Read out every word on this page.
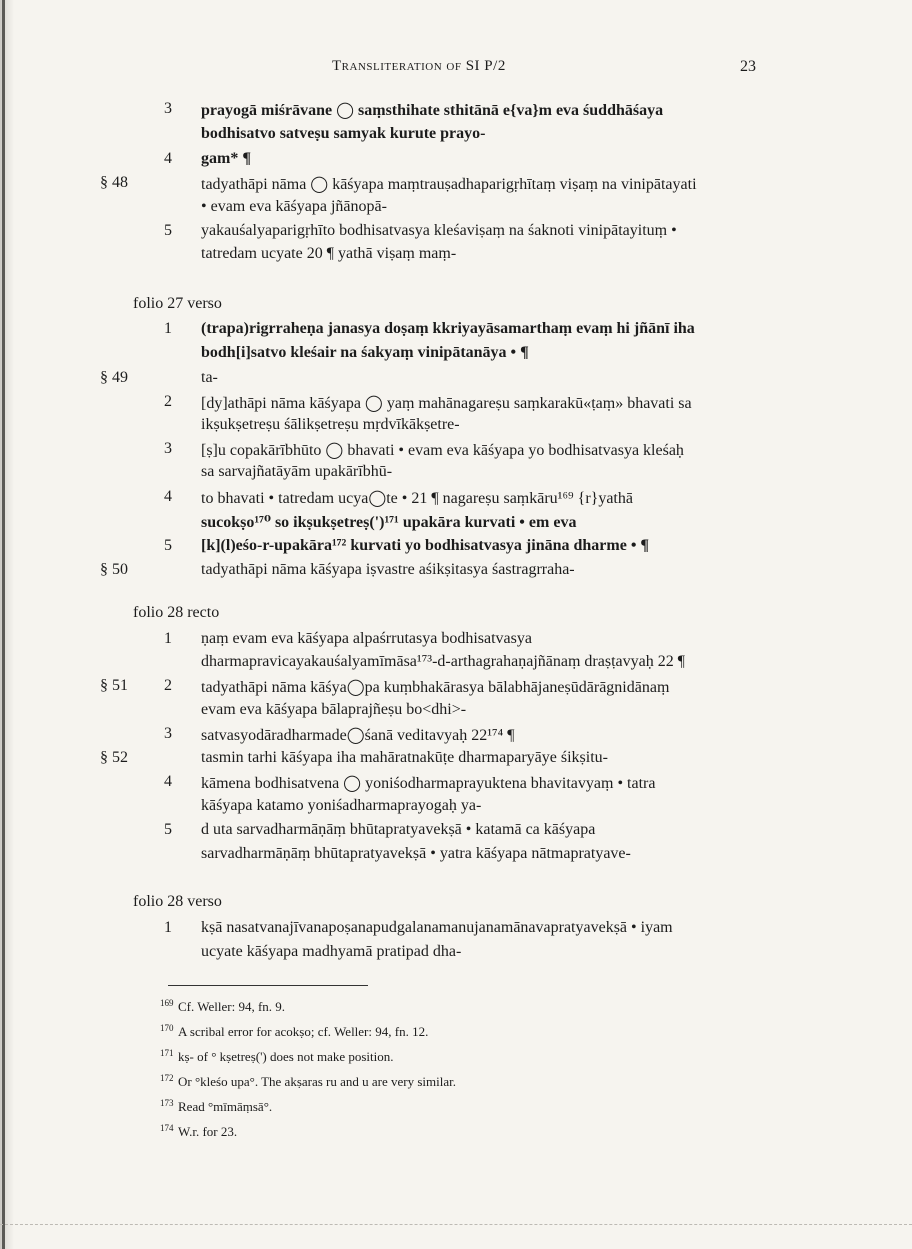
Transliteration of SI P/2	23
3 prayogā miśrāvane ◯ saṃsthihate sthitānā e{va}m eva śuddhāśaya
bodhisatvo satveṣu samyak kurute prayo-
4 gam* ¶
§ 48	tadyathāpi nāma ◯ kāśyapa maṃtrauṣadhaparigṛhītaṃ viṣaṃ na vinipātayati
• evam eva kāśyapa jñānopā-
5 yakauśalyaparigṛhīto bodhisatvasya kleśaviṣaṃ na śaknoti vinipātayituṃ •
tatredam ucyate 20 ¶ yathā viṣaṃ maṃ-
folio 27 verso
1 (trapa)rigrraheṇa janasya doṣaṃ kkriyayāsamarthaṃ evaṃ hi jñānī iha
bodh[i]satvo kleśair na śakyaṃ vinipātanāya • ¶
§ 49	ta-
2 [dy]athāpi nāma kāśyapa ◯ yaṃ mahānagareṣu saṃkarakū«ṭaṃ» bhavati sa
ikṣukṣetreṣu śālikṣetreṣu mṛdvīkākṣetre-
3 [ṣ]u copakārībhūto ◯ bhavati • evam eva kāśyapa yo bodhisatvasya kleśaḥ
sa sarvajñatāyām upakārībhū-
4 to bhavati • tatredam ucya◯te • 21 ¶ nagareṣu saṃkāru¹⁶⁹ {r}yathā
sucokṣo¹⁷⁰ so ikṣukṣetreṣ(')¹⁷¹ upakāra kurvati • em eva
5 [k](l)eśo-r-upakāra¹⁷² kurvati yo bodhisatvasya jināna dharme • ¶
§ 50	tadyathāpi nāma kāśyapa iṣvastre aśikṣitasya śastragrraha-
folio 28 recto
1 ṇaṃ evam eva kāśyapa alpaśrrutasya bodhisatvasya
dharmapravicayakauśalyamīmāsa¹⁷³-d-arthagrahaṇajñānaṃ draṣṭavyaḥ 22 ¶
2
§ 51	tadyathāpi nāma kāśya◯pa kuṃbhakārasya bālabhājaneṣūdārāgnidānaṃ
evam eva kāśyapa bālaprajñeṣu bo<dhi>-
3 satvasyodāradharmade◯śanā veditavyaḥ 22¹⁷⁴ ¶
§ 52	tasmin tarhi kāśyapa iha mahāratnakūṭe dharmaparyāye śikṣitu-
4 kāmena bodhisatvena ◯ yoniśodharmaprayuktena bhavitavyaṃ • tatra
kāśyapa katamo yoniśadharmaprayogaḥ ya-
5 d uta sarvadharmāṇāṃ bhūtapratyavekṣā • katamā ca kāśyapa
sarvadharmāṇāṃ bhūtapratyavekṣā • yatra kāśyapa nātmapratyave-
folio 28 verso
1 kṣā nasatvanajīvanapoṣanapudgalanamanujanamānavapratyavekṣā • iyam
ucyate kāśyapa madhyamā pratipad dha-
169 Cf. Weller: 94, fn. 9.
170 A scribal error for acokṣo; cf. Weller: 94, fn. 12.
171 kṣ- of ° kṣetreṣ(') does not make position.
172 Or °kleśo upa°. The akṣaras ru and u are very similar.
173 Read °mīmāṃsā°.
174 W.r. for 23.
